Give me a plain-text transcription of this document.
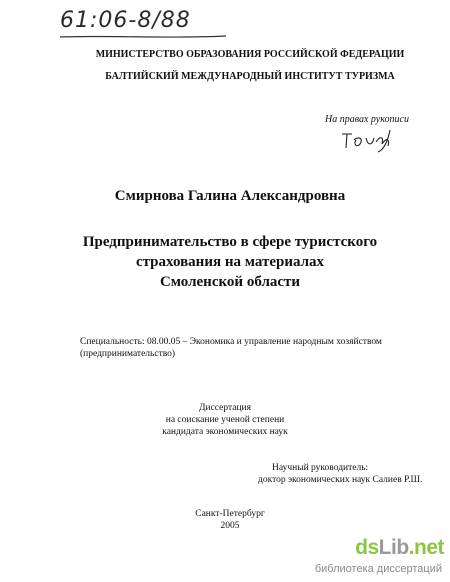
61:06-8/88
МИНИСТЕРСТВО ОБРАЗОВАНИЯ РОССИЙСКОЙ ФЕДЕРАЦИИ
БАЛТИЙСКИЙ МЕЖДУНАРОДНЫЙ ИНСТИТУТ ТУРИЗМА
На правах рукописи
Смирнова Галина Александровна
Предпринимательство в сфере туристского
страхования на материалах
Смоленской области
Специальность: 08.00.05 – Экономика и управление народным хозяйством
(предпринимательство)
Диссертация
на соискание ученой степени
кандидата экономических наук
Научный руководитель:
доктор экономических наук Салиев Р.Ш.
Санкт-Петербург
2005
dsLib.net
библиотека диссертаций
